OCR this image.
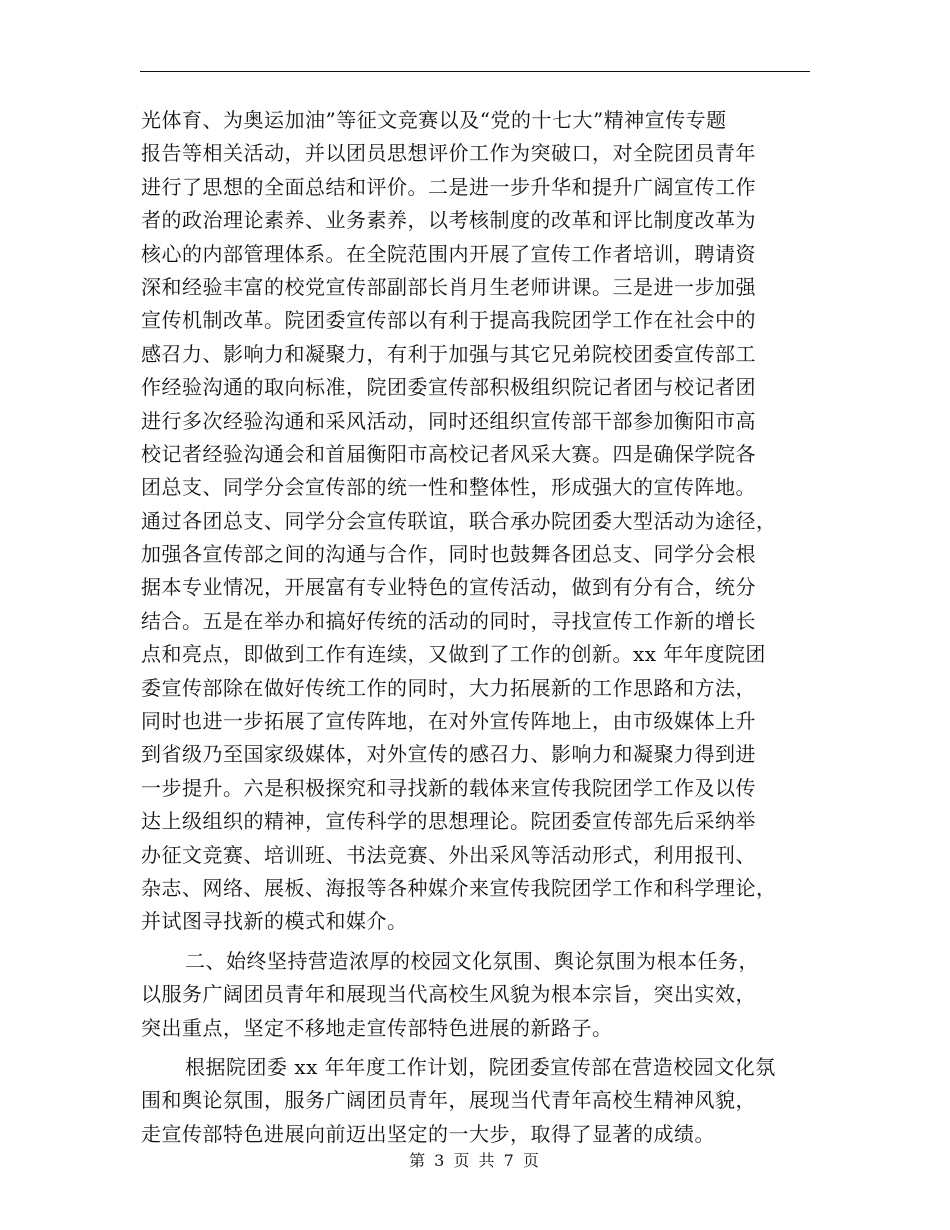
光体育、为奥运加油”等征文竞赛以及“党的十七大”精神宣传专题
报告等相关活动，并以团员思想评价工作为突破口，对全院团员青年
进行了思想的全面总结和评价。二是进一步升华和提升广阔宣传工作
者的政治理论素养、业务素养，以考核制度的改革和评比制度改革为
核心的内部管理体系。在全院范围内开展了宣传工作者培训，聘请资
深和经验丰富的校党宣传部副部长肖月生老师讲课。三是进一步加强
宣传机制改革。院团委宣传部以有利于提高我院团学工作在社会中的
感召力、影响力和凝聚力，有利于加强与其它兄弟院校团委宣传部工
作经验沟通的取向标准，院团委宣传部积极组织院记者团与校记者团
进行多次经验沟通和采风活动，同时还组织宣传部干部参加衡阳市高
校记者经验沟通会和首届衡阳市高校记者风采大赛。四是确保学院各
团总支、同学分会宣传部的统一性和整体性，形成强大的宣传阵地。
通过各团总支、同学分会宣传联谊，联合承办院团委大型活动为途径，
加强各宣传部之间的沟通与合作，同时也鼓舞各团总支、同学分会根
据本专业情况，开展富有专业特色的宣传活动，做到有分有合，统分
结合。五是在举办和搞好传统的活动的同时，寻找宣传工作新的增长
点和亮点，即做到工作有连续，又做到了工作的创新。xx 年年度院团
委宣传部除在做好传统工作的同时，大力拓展新的工作思路和方法，
同时也进一步拓展了宣传阵地，在对外宣传阵地上，由市级媒体上升
到省级乃至国家级媒体，对外宣传的感召力、影响力和凝聚力得到进
一步提升。六是积极探究和寻找新的载体来宣传我院团学工作及以传
达上级组织的精神，宣传科学的思想理论。院团委宣传部先后采纳举
办征文竞赛、培训班、书法竞赛、外出采风等活动形式，利用报刊、
杂志、网络、展板、海报等各种媒介来宣传我院团学工作和科学理论，
并试图寻找新的模式和媒介。
二、始终坚持营造浓厚的校园文化氛围、舆论氛围为根本任务，
以服务广阔团员青年和展现当代高校生风貌为根本宗旨，突出实效，
突出重点，坚定不移地走宣传部特色进展的新路子。
根据院团委 xx 年年度工作计划，院团委宣传部在营造校园文化氛
围和舆论氛围，服务广阔团员青年，展现当代青年高校生精神风貌，
走宣传部特色进展向前迈出坚定的一大步，取得了显著的成绩。
第 3 页 共 7 页
